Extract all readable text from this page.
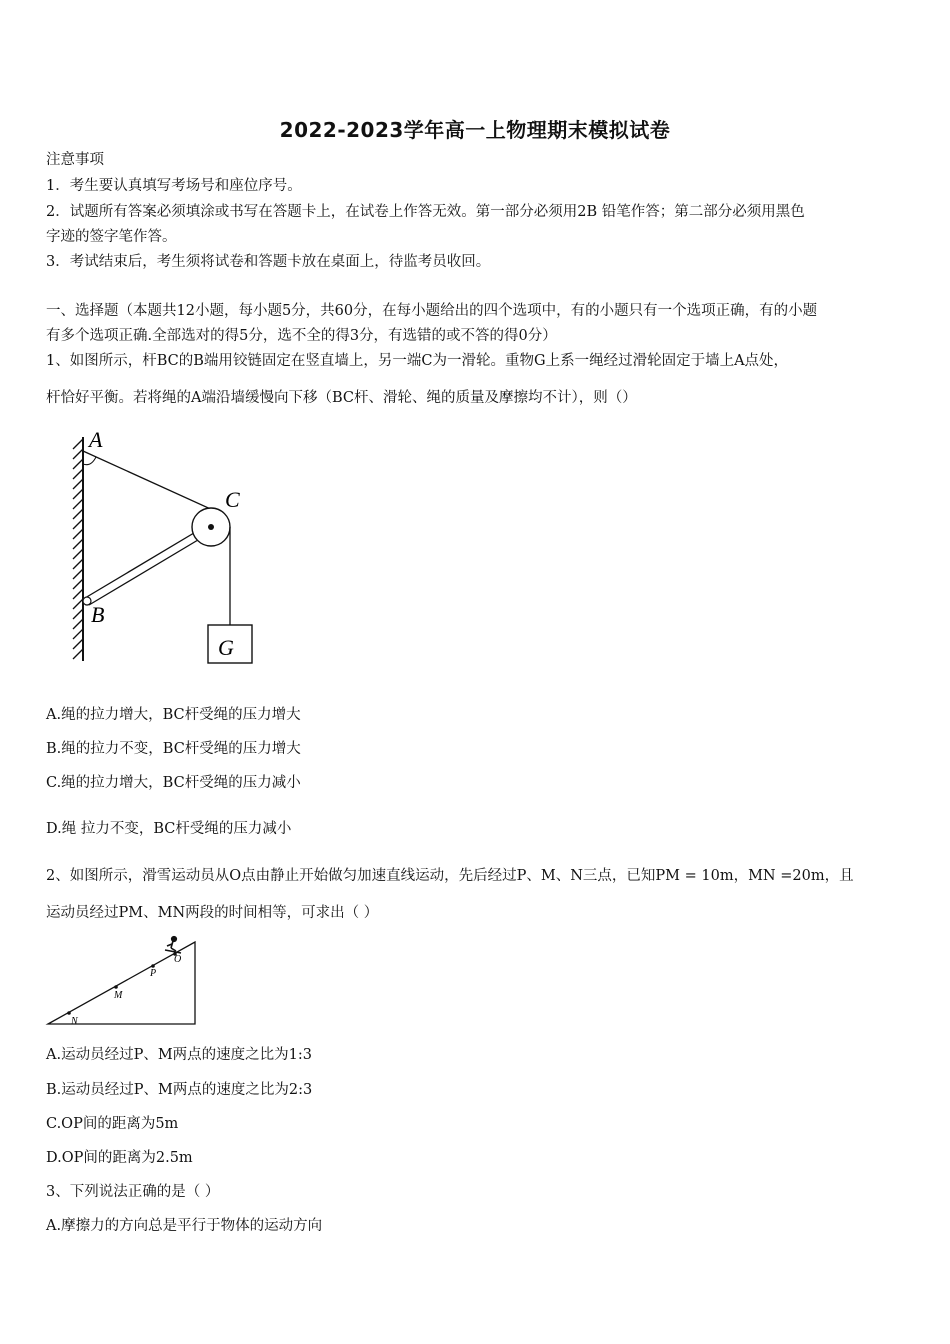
2022-2023学年高一上物理期末模拟试卷
注意事项
1．考生要认真填写考场号和座位序号。
2．试题所有答案必须填涂或书写在答题卡上，在试卷上作答无效。第一部分必须用2B 铅笔作答；第二部分必须用黑色
字迹的签字笔作答。
3．考试结束后，考生须将试卷和答题卡放在桌面上，待监考员收回。
一、选择题（本题共12小题，每小题5分，共60分，在每小题给出的四个选项中，有的小题只有一个选项正确，有的小题
有多个选项正确.全部选对的得5分，选不全的得3分，有选错的或不答的得0分）
1、如图所示，杆BC的B端用铰链固定在竖直墙上，另一端C为一滑轮。重物G上系一绳经过滑轮固定于墙上A点处，
杆恰好平衡。若将绳的A端沿墙缓慢向下移（BC杆、滑轮、绳的质量及摩擦均不计），则（）
A
C
B
G
A.绳的拉力增大，BC杆受绳的压力增大
B.绳的拉力不变，BC杆受绳的压力增大
C.绳的拉力增大，BC杆受绳的压力减小
D.绳 拉力不变，BC杆受绳的压力减小
2、如图所示，滑雪运动员从O点由静止开始做匀加速直线运动，先后经过P、M、N三点，已知PM = 10m，MN =20m，且
运动员经过PM、MN两段的时间相等，可求出（ ）
O
P
M
N
A.运动员经过P、M两点的速度之比为1:3
B.运动员经过P、M两点的速度之比为2:3
C.OP间的距离为5m
D.OP间的距离为2.5m
3、下列说法正确的是（ ）
A.摩擦力的方向总是平行于物体的运动方向
